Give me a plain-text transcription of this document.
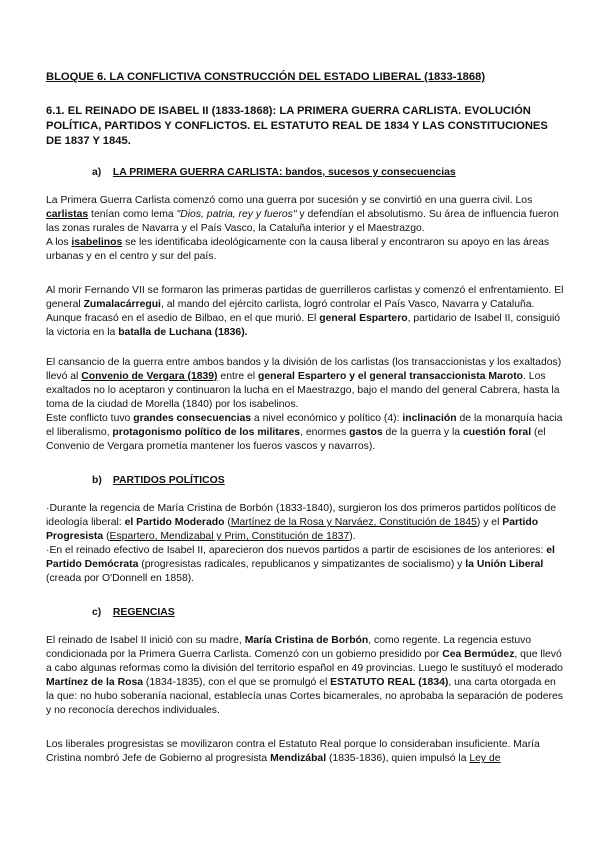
BLOQUE 6. LA CONFLICTIVA CONSTRUCCIÓN DEL ESTADO LIBERAL (1833-1868)
6.1. EL REINADO DE ISABEL II (1833-1868): LA PRIMERA GUERRA CARLISTA. EVOLUCIÓN POLÍTICA, PARTIDOS Y CONFLICTOS. EL ESTATUTO REAL DE 1834 Y LAS CONSTITUCIONES DE 1837 Y 1845.
a) LA PRIMERA GUERRA CARLISTA: bandos, sucesos y consecuencias

La Primera Guerra Carlista comenzó como una guerra por sucesión y se convirtió en una guerra civil. Los carlistas tenían como lema "Dios, patria, rey y fueros" y defendían el absolutismo. Su área de influencia fueron las zonas rurales de Navarra y el País Vasco, la Cataluña interior y el Maestrazgo.

A los isabelinos se les identificaba ideológicamente con la causa liberal y encontraron su apoyo en las áreas urbanas y en el centro y sur del país.

Al morir Fernando VII se formaron las primeras partidas de guerrilleros carlistas y comenzó el enfrentamiento. El general Zumalacárregui, al mando del ejército carlista, logró controlar el País Vasco, Navarra y Cataluña. Aunque fracasó en el asedio de Bilbao, en el que murió. El general Espartero, partidario de Isabel II, consiguió la victoria en la batalla de Luchana (1836).

El cansancio de la guerra entre ambos bandos y la división de los carlistas (los transaccionistas y los exaltados) llevó al Convenio de Vergara (1839) entre el general Espartero y el general transaccionista Maroto. Los exaltados no lo aceptaron y continuaron la lucha en el Maestrazgo, bajo el mando del general Cabrera, hasta la toma de la ciudad de Morella (1840) por los isabelinos.

Este conflicto tuvo grandes consecuencias a nivel económico y político (4): inclinación de la monarquía hacia el liberalismo, protagonismo político de los militares, enormes gastos de la guerra y la cuestión foral (el Convenio de Vergara prometía mantener los fueros vascos y navarros).

b) PARTIDOS POLÍTICOS

·Durante la regencia de María Cristina de Borbón (1833-1840), surgieron los dos primeros partidos políticos de ideología liberal: el Partido Moderado (Martínez de la Rosa y Narváez, Constitución de 1845) y el Partido Progresista (Espartero, Mendizabal y Prim, Constitución de 1837).

·En el reinado efectivo de Isabel II, aparecieron dos nuevos partidos a partir de escisiones de los anteriores: el Partido Demócrata (progresistas radicales, republicanos y simpatizantes de socialismo) y la Unión Liberal (creada por O'Donnell en 1858).

c) REGENCIAS

El reinado de Isabel II inició con su madre, María Cristina de Borbón, como regente. La regencia estuvo condicionada por la Primera Guerra Carlista. Comenzó con un gobierno presidido por Cea Bermúdez, que llevó a cabo algunas reformas como la división del territorio español en 49 provincias. Luego le sustituyó el moderado Martínez de la Rosa (1834-1835), con el que se promulgó el ESTATUTO REAL (1834), una carta otorgada en la que: no hubo soberanía nacional, establecía unas Cortes bicamerales, no aprobaba la separación de poderes y no reconocía derechos individuales.

Los liberales progresistas se movilizaron contra el Estatuto Real porque lo consideraban insuficiente. María Cristina nombró Jefe de Gobierno al progresista Mendizábal (1835-1836), quien impulsó la Ley de
